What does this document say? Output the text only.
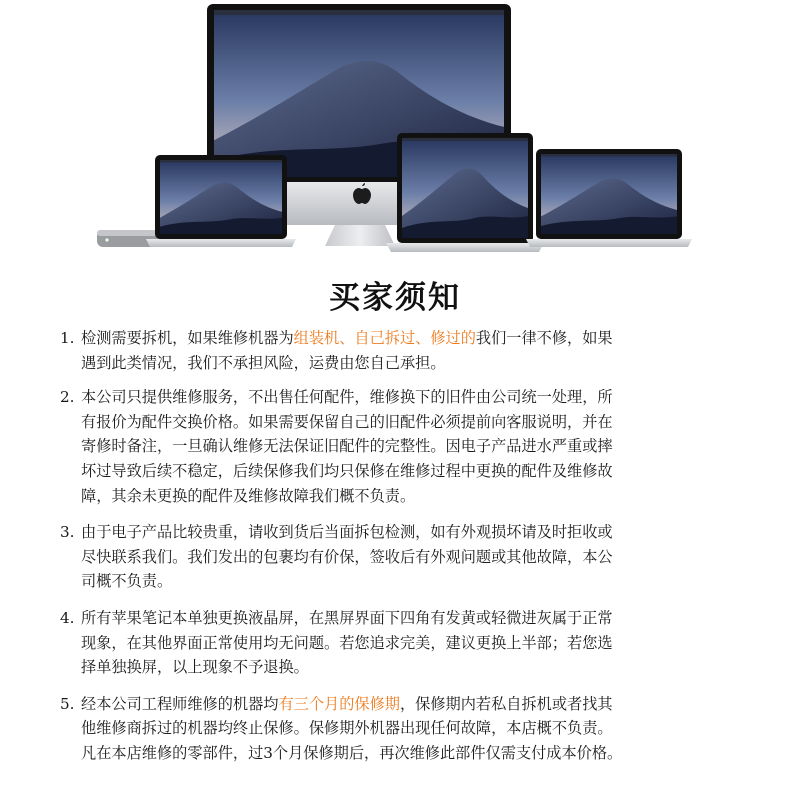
买家须知
1. 检测需要拆机，如果维修机器为组装机、自己拆过、修过的我们一律不修，如果

遇到此类情况，我们不承担风险，运费由您自己承担。

2. 本公司只提供维修服务，不出售任何配件，维修换下的旧件由公司统一处理，所

有报价为配件交换价格。如果需要保留自己的旧配件必须提前向客服说明，并在

寄修时备注，一旦确认维修无法保证旧配件的完整性。因电子产品进水严重或摔

坏过导致后续不稳定，后续保修我们均只保修在维修过程中更换的配件及维修故

障，其余未更换的配件及维修故障我们概不负责。

3. 由于电子产品比较贵重，请收到货后当面拆包检测，如有外观损坏请及时拒收或

尽快联系我们。我们发出的包裹均有价保，签收后有外观问题或其他故障，本公

司概不负责。

4. 所有苹果笔记本单独更换液晶屏，在黑屏界面下四角有发黄或轻微进灰属于正常

现象，在其他界面正常使用均无问题。若您追求完美，建议更换上半部；若您选

择单独换屏，以上现象不予退换。

5. 经本公司工程师维修的机器均有三个月的保修期，保修期内若私自拆机或者找其

他维修商拆过的机器均终止保修。保修期外机器出现任何故障，本店概不负责。

凡在本店维修的零部件，过3个月保修期后，再次维修此部件仅需支付成本价格。
